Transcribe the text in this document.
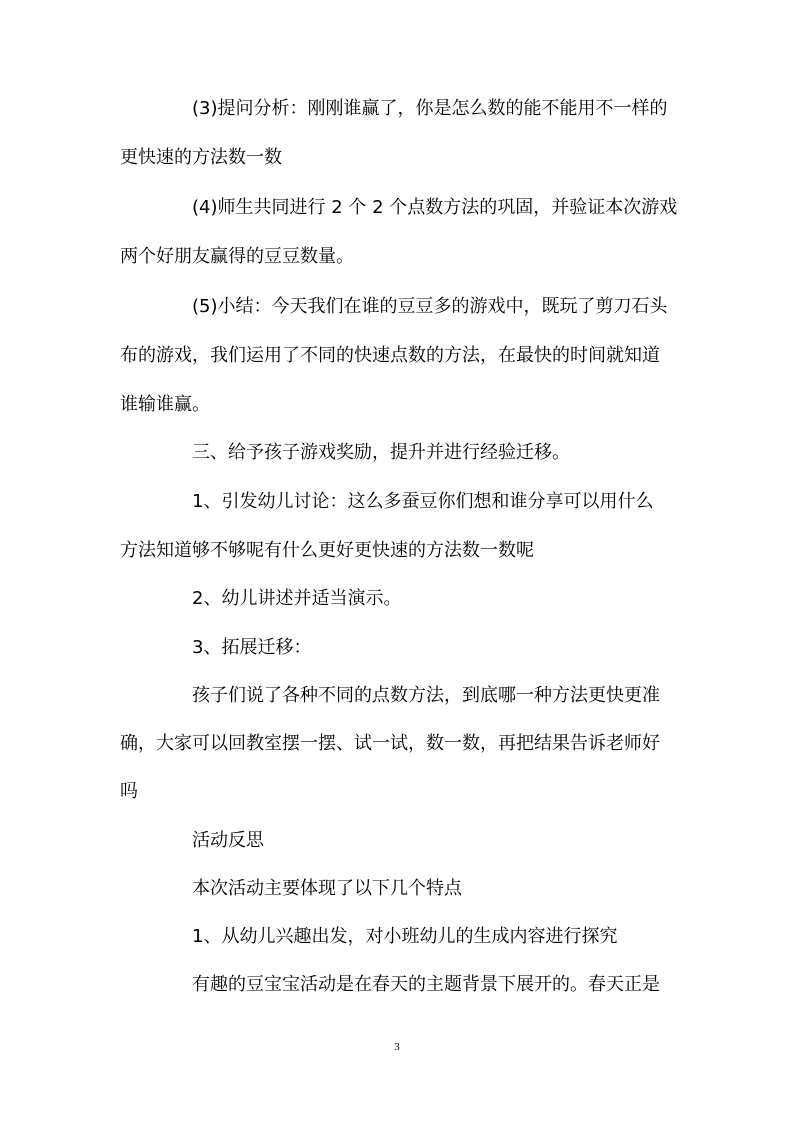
(3)提问分析：刚刚谁赢了，你是怎么数的能不能用不一样的
更快速的方法数一数
(4)师生共同进行 2 个 2 个点数方法的巩固，并验证本次游戏
两个好朋友赢得的豆豆数量。
(5)小结：今天我们在谁的豆豆多的游戏中，既玩了剪刀石头
布的游戏，我们运用了不同的快速点数的方法，在最快的时间就知道
谁输谁赢。
三、给予孩子游戏奖励，提升并进行经验迁移。
1、引发幼儿讨论：这么多蚕豆你们想和谁分享可以用什么
方法知道够不够呢有什么更好更快速的方法数一数呢
2、幼儿讲述并适当演示。
3、拓展迁移：
孩子们说了各种不同的点数方法，到底哪一种方法更快更准
确，大家可以回教室摆一摆、试一试，数一数，再把结果告诉老师好
吗
活动反思
本次活动主要体现了以下几个特点
1、从幼儿兴趣出发，对小班幼儿的生成内容进行探究
有趣的豆宝宝活动是在春天的主题背景下展开的。春天正是
3
